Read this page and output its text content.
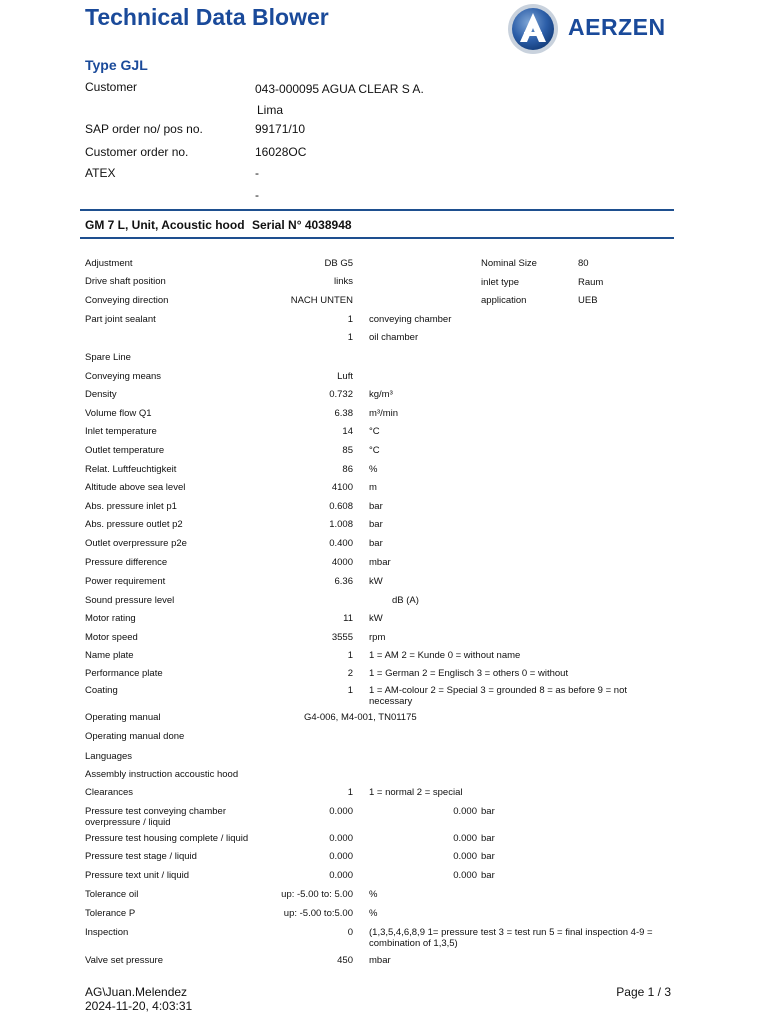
Technical Data Blower	AERZEN
Type GJL
Customer	043-000095 AGUA CLEAR S A.
Lima
SAP order no/ pos no.	99171/10
Customer order no.	16028OC
ATEX	-
-
GM 7 L, Unit, Acoustic hood Serial N° 4038948
Nominal Size	80
inlet type	Raum
application	UEB
Adjustment	DB G5
Drive shaft position	links
Conveying direction	NACH UNTEN
Part joint sealant	1 conveying chamber
1 oil chamber
Spare Line
Conveying means	Luft
Density	0.732 kg/m³
Volume flow Q1	6.38 m³/min
Inlet temperature	14 °C
Outlet temperature	85 °C
Relat. Luftfeuchtigkeit	86 %
Altitude above sea level	4100 m
Abs. pressure inlet p1	0.608 bar
Abs. pressure outlet p2	1.008 bar
Outlet overpressure p2e	0.400 bar
Pressure difference	4000 mbar
Power requirement	6.36 kW
Sound pressure level	dB (A)
Motor rating	11 kW
Motor speed	3555 rpm
Name plate	1 1 = AM 2 = Kunde 0 = without name
Performance plate	2 1 = German 2 = Englisch 3 = others 0 = without
Coating	1 1 = AM-colour 2 = Special 3 = grounded 8 = as before 9 = not necessary
Operating manual	G4-006, M4-001, TN01175
Operating manual done
Languages
Assembly instruction accoustic hood
Clearances	1 1 = normal 2 = special
Pressure test conveying chamber overpressure / liquid
0.000	0.000 bar
Pressure test housing complete / liquid	0.000	0.000 bar
Pressure test stage / liquid	0.000	0.000 bar
Pressure text unit / liquid	0.000	0.000 bar
Tolerance oil	up: -5.00 to: 5.00 %
Tolerance P	up: -5.00 to:5.00 %
Inspection	0 (1,3,5,4,6,8,9 1= pressure test 3 = test run 5 = final inspection 4-9 = combination of 1,3,5)
Valve set pressure	450 mbar
AG\Juan.Melendez
2024-11-20, 4:03:31
Page 1 / 3
